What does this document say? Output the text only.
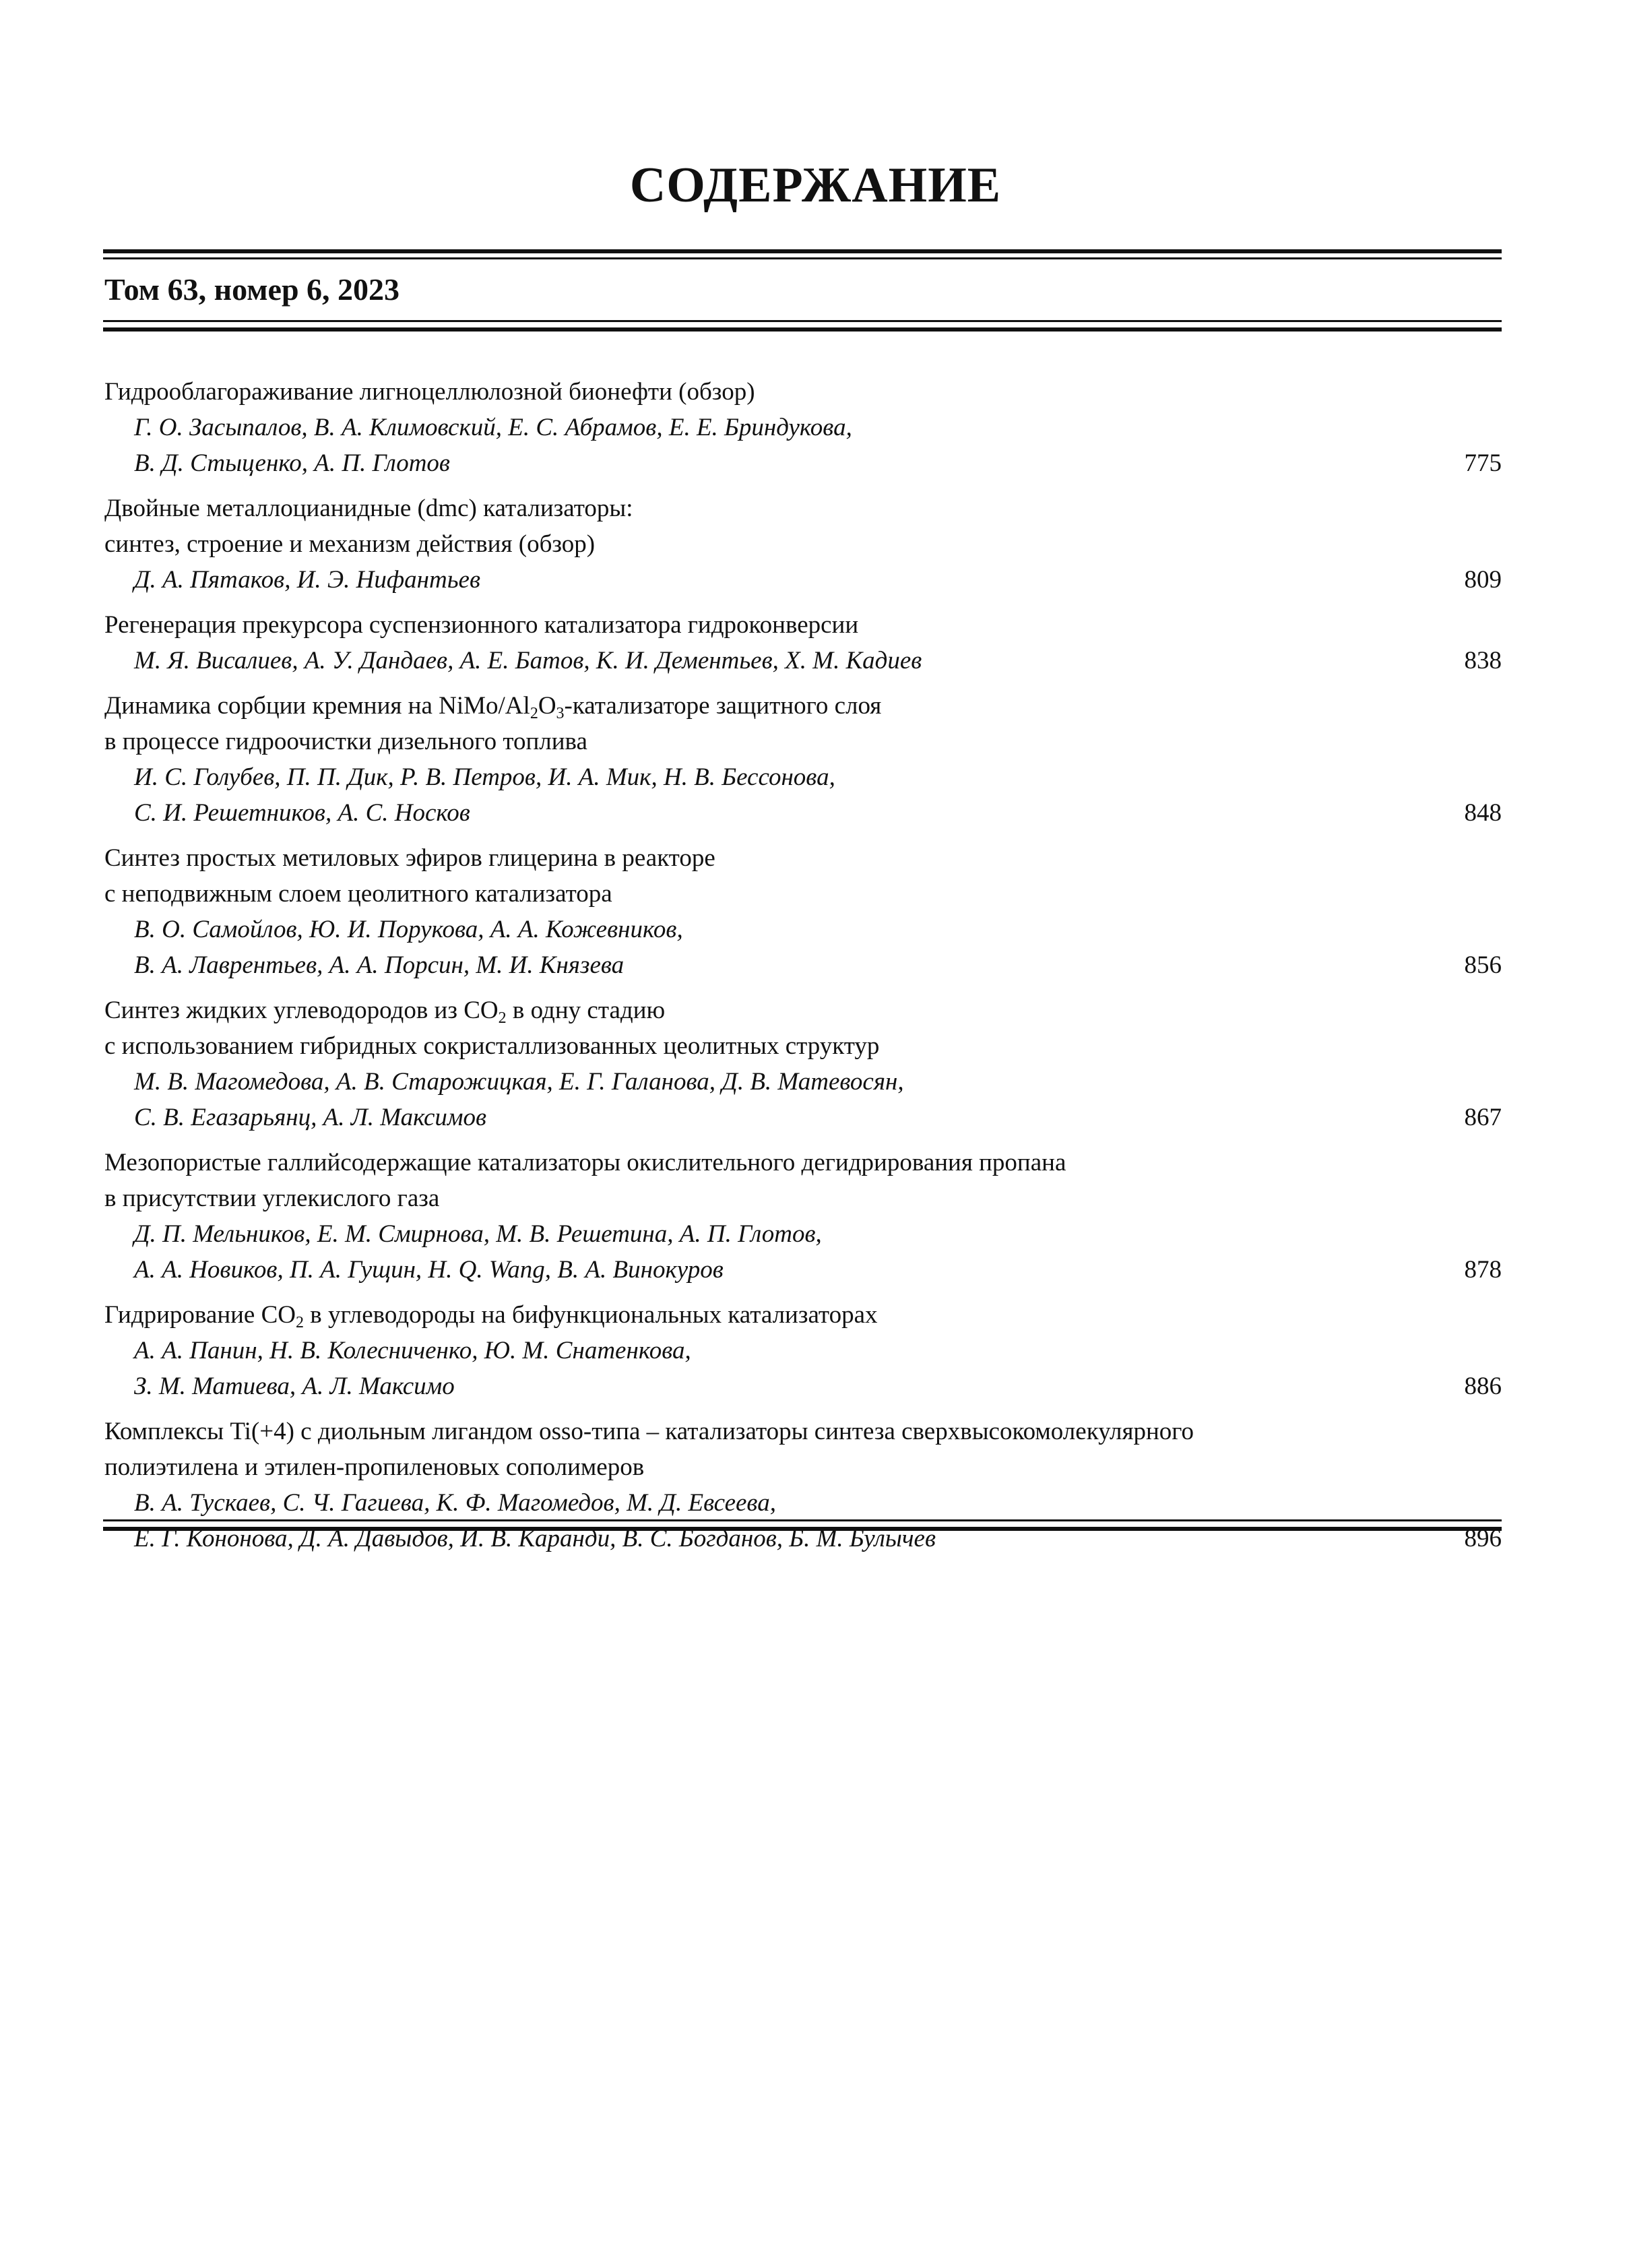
СОДЕРЖАНИЕ
Том 63, номер 6, 2023
Гидрооблагораживание лигноцеллюлозной бионефти (обзор)
Г. О. Засыпалов, В. А. Климовский, Е. С. Абрамов, Е. Е. Бриндукова,
В. Д. Стыценко, А. П. Глотов	775
Двойные металлоцианидные (dmc) катализаторы:
синтез, строение и механизм действия (обзор)
Д. А. Пятаков, И. Э. Нифантьев	809
Регенерация прекурсора суспензионного катализатора гидроконверсии
М. Я. Висалиев, А. У. Дандаев, А. Е. Батов, К. И. Дементьев, Х. М. Кадиев	838
Динамика сорбции кремния на NiMo/$Al_2O_3$-катализаторе защитного слоя
в процессе гидроочистки дизельного топлива
И. С. Голубев, П. П. Дик, Р. В. Петров, И. А. Мик, Н. В. Бессонова,
С. И. Решетников, А. С. Носков	848
Синтез простых метиловых эфиров глицерина в реакторе
с неподвижным слоем цеолитного катализатора
В. О. Самойлов, Ю. И. Порукова, А. А. Кожевников,
В. А. Лаврентьев, А. А. Порсин, М. И. Князева	856
Синтез жидких углеводородов из $CO_2$ в одну стадию
с использованием гибридных сокристаллизованных цеолитных структур
М. В. Магомедова, А. В. Старожицкая, Е. Г. Галанова, Д. В. Матевосян,
С. В. Егазарьянц, А. Л. Максимов	867
Мезопористые галлийсодержащие катализаторы окислительного дегидрирования пропана
в присутствии углекислого газа
Д. П. Мельников, Е. М. Смирнова, М. В. Решетина, А. П. Глотов,
А. А. Новиков, П. А. Гущин, H. Q. Wang, В. А. Винокуров	878
Гидрирование $CO_2$ в углеводороды на бифункциональных катализаторах
А. А. Панин, Н. В. Колесниченко, Ю. М. Снатенкова,
З. М. Матиева, А. Л. Максимо	886
Комплексы Ti(+4) с диольным лигандом osso-типа – катализаторы синтеза сверхвысокомолекулярного
полиэтилена и этилен-пропиленовых сополимеров
В. А. Тускаев, С. Ч. Гагиева, К. Ф. Магомедов, М. Д. Евсеева,
Е. Г. Кононова, Д. А. Давыдов, И. В. Каранди, В. С. Богданов, Б. М. Булычев	896
